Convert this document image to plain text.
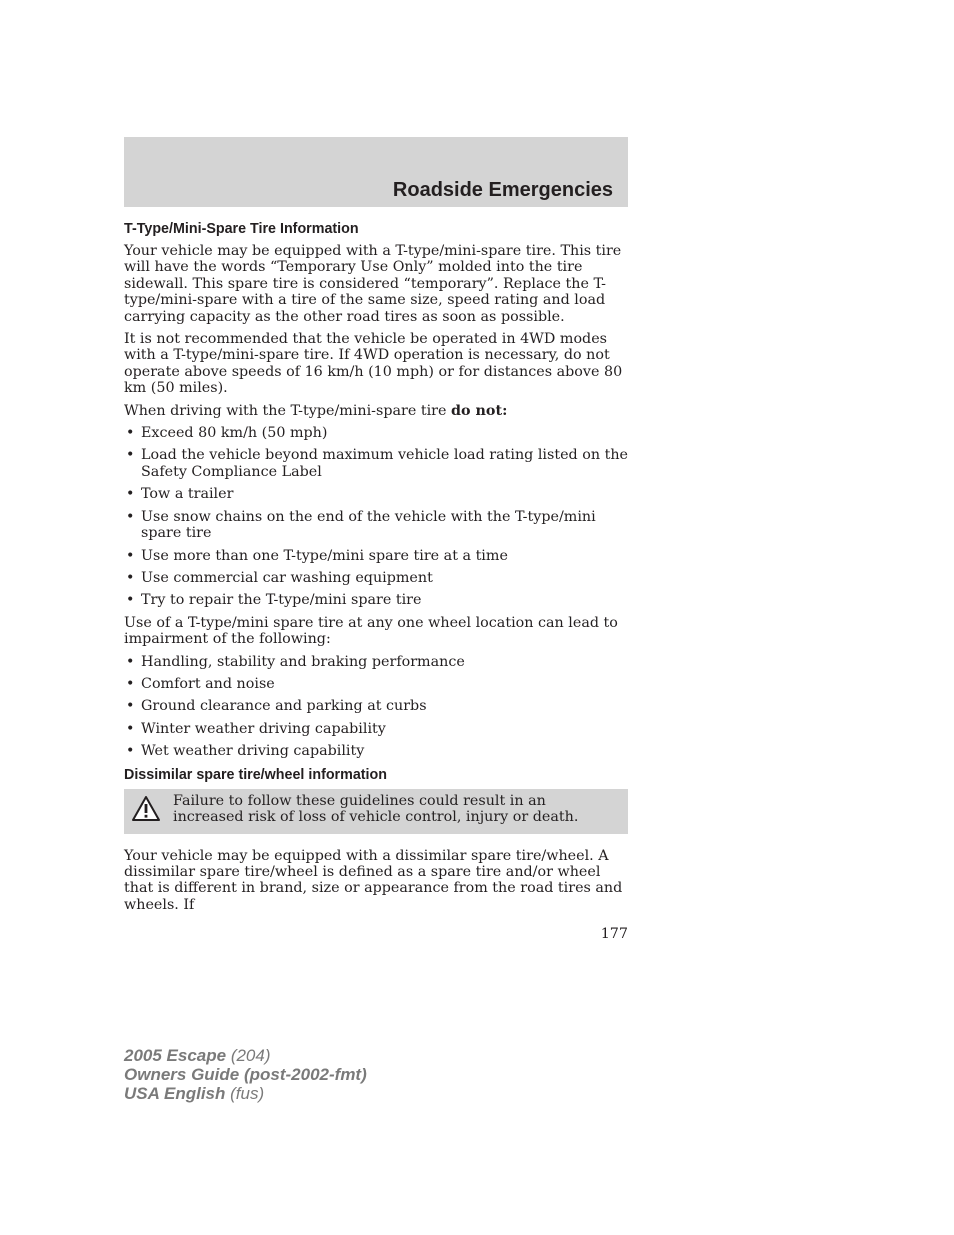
Roadside Emergencies
T-Type/Mini-Spare Tire Information

Your vehicle may be equipped with a T-type/mini-spare tire. This tire will have the words “Temporary Use Only” molded into the tire sidewall. This spare tire is considered “temporary”. Replace the T-type/mini-spare with a tire of the same size, speed rating and load carrying capacity as the other road tires as soon as possible.

It is not recommended that the vehicle be operated in 4WD modes with a T-type/mini-spare tire. If 4WD operation is necessary, do not operate above speeds of 16 km/h (10 mph) or for distances above 80 km (50 miles).

When driving with the T-type/mini-spare tire do not:

• Exceed 80 km/h (50 mph)
• Load the vehicle beyond maximum vehicle load rating listed on the Safety Compliance Label
• Tow a trailer
• Use snow chains on the end of the vehicle with the T-type/mini spare tire
• Use more than one T-type/mini spare tire at a time
• Use commercial car washing equipment
• Try to repair the T-type/mini spare tire

Use of a T-type/mini spare tire at any one wheel location can lead to impairment of the following:

• Handling, stability and braking performance
• Comfort and noise
• Ground clearance and parking at curbs
• Winter weather driving capability
• Wet weather driving capability
Dissimilar spare tire/wheel information
Failure to follow these guidelines could result in an increased risk of loss of vehicle control, injury or death.

Your vehicle may be equipped with a dissimilar spare tire/wheel. A dissimilar spare tire/wheel is defined as a spare tire and/or wheel that is different in brand, size or appearance from the road tires and wheels. If

177
2005 Escape (204)
Owners Guide (post-2002-fmt)
USA English (fus)
